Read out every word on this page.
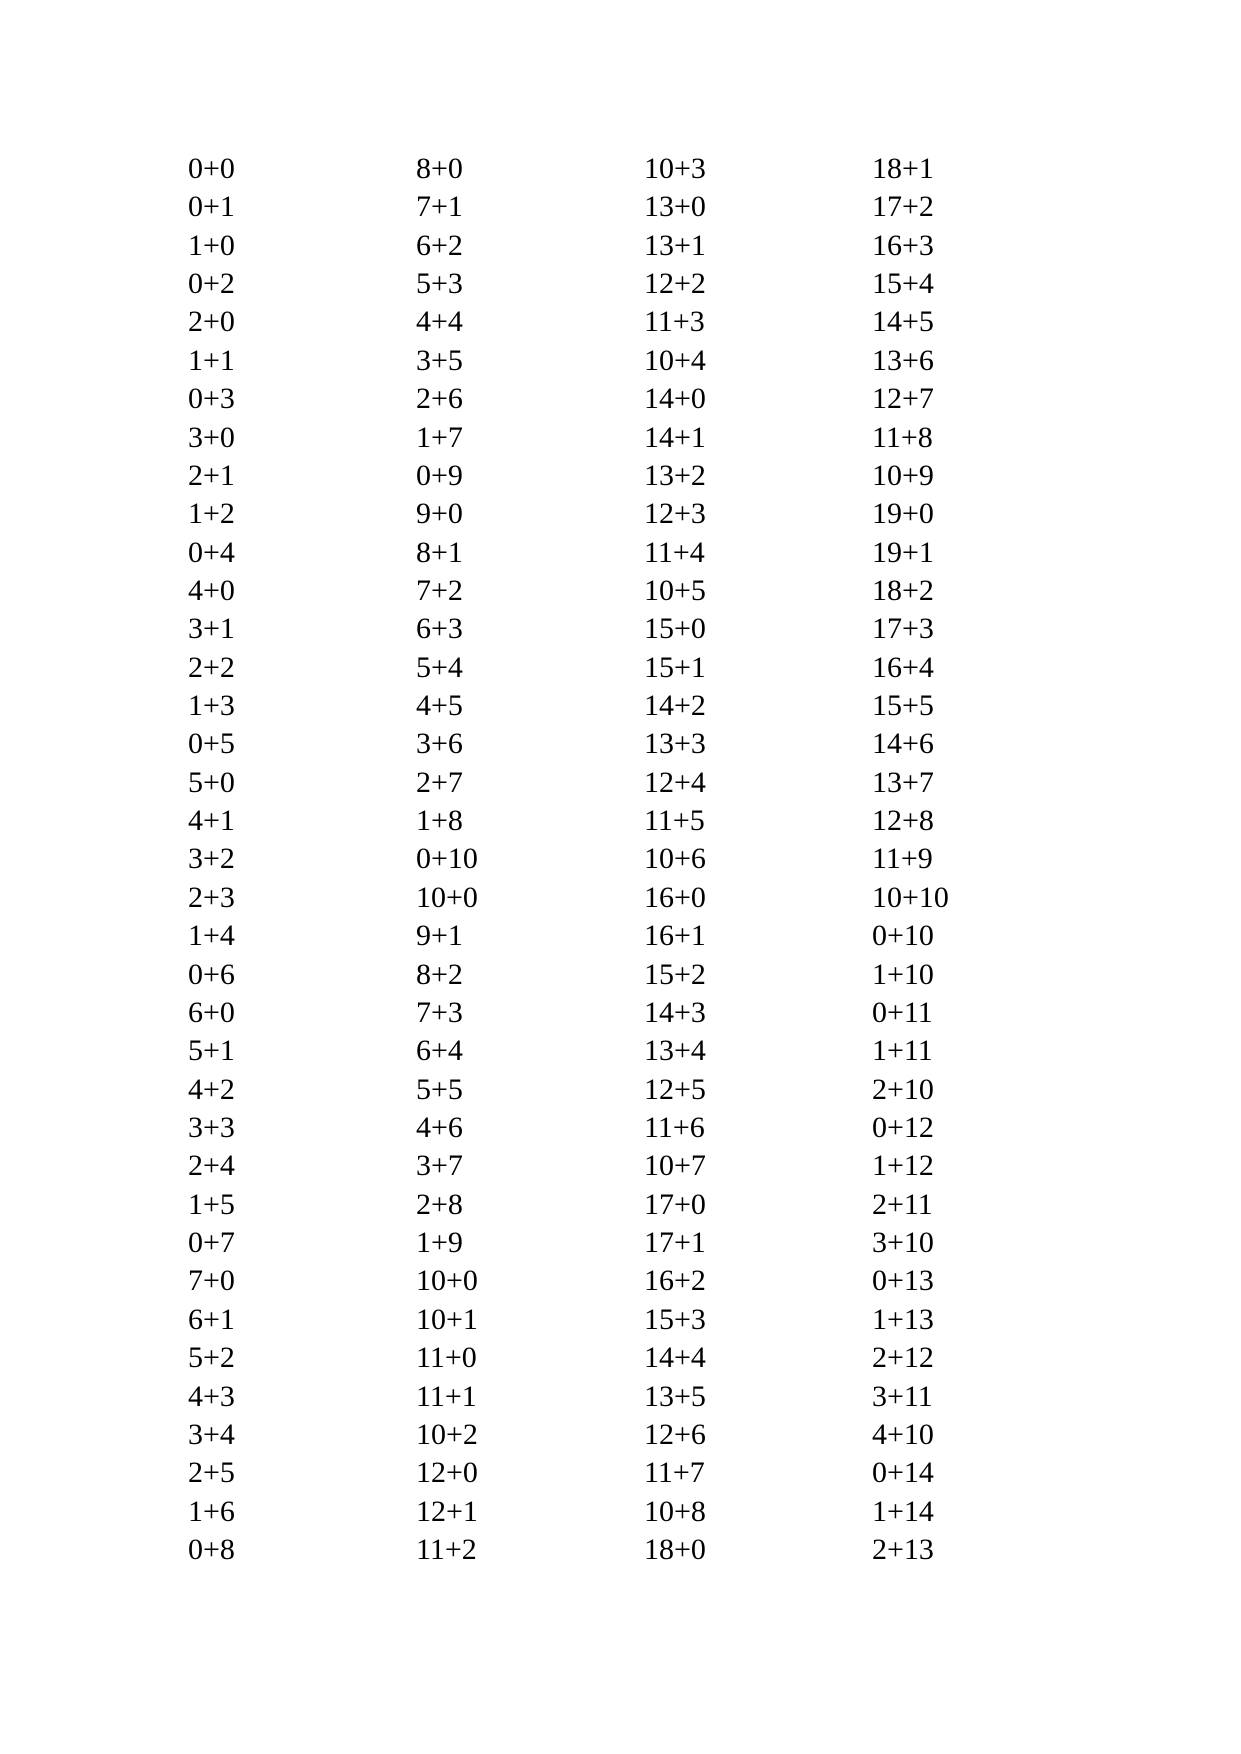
0+0
0+1
1+0
0+2
2+0
1+1
0+3
3+0
2+1
1+2
0+4
4+0
3+1
2+2
1+3
0+5
5+0
4+1
3+2
2+3
1+4
0+6
6+0
5+1
4+2
3+3
2+4
1+5
0+7
7+0
6+1
5+2
4+3
3+4
2+5
1+6
0+8
8+0
7+1
6+2
5+3
4+4
3+5
2+6
1+7
0+9
9+0
8+1
7+2
6+3
5+4
4+5
3+6
2+7
1+8
0+10
10+0
9+1
8+2
7+3
6+4
5+5
4+6
3+7
2+8
1+9
10+0
10+1
11+0
11+1
10+2
12+0
12+1
11+2
10+3
13+0
13+1
12+2
11+3
10+4
14+0
14+1
13+2
12+3
11+4
10+5
15+0
15+1
14+2
13+3
12+4
11+5
10+6
16+0
16+1
15+2
14+3
13+4
12+5
11+6
10+7
17+0
17+1
16+2
15+3
14+4
13+5
12+6
11+7
10+8
18+0
18+1
17+2
16+3
15+4
14+5
13+6
12+7
11+8
10+9
19+0
19+1
18+2
17+3
16+4
15+5
14+6
13+7
12+8
11+9
10+10
0+10
1+10
0+11
1+11
2+10
0+12
1+12
2+11
3+10
0+13
1+13
2+12
3+11
4+10
0+14
1+14
2+13
